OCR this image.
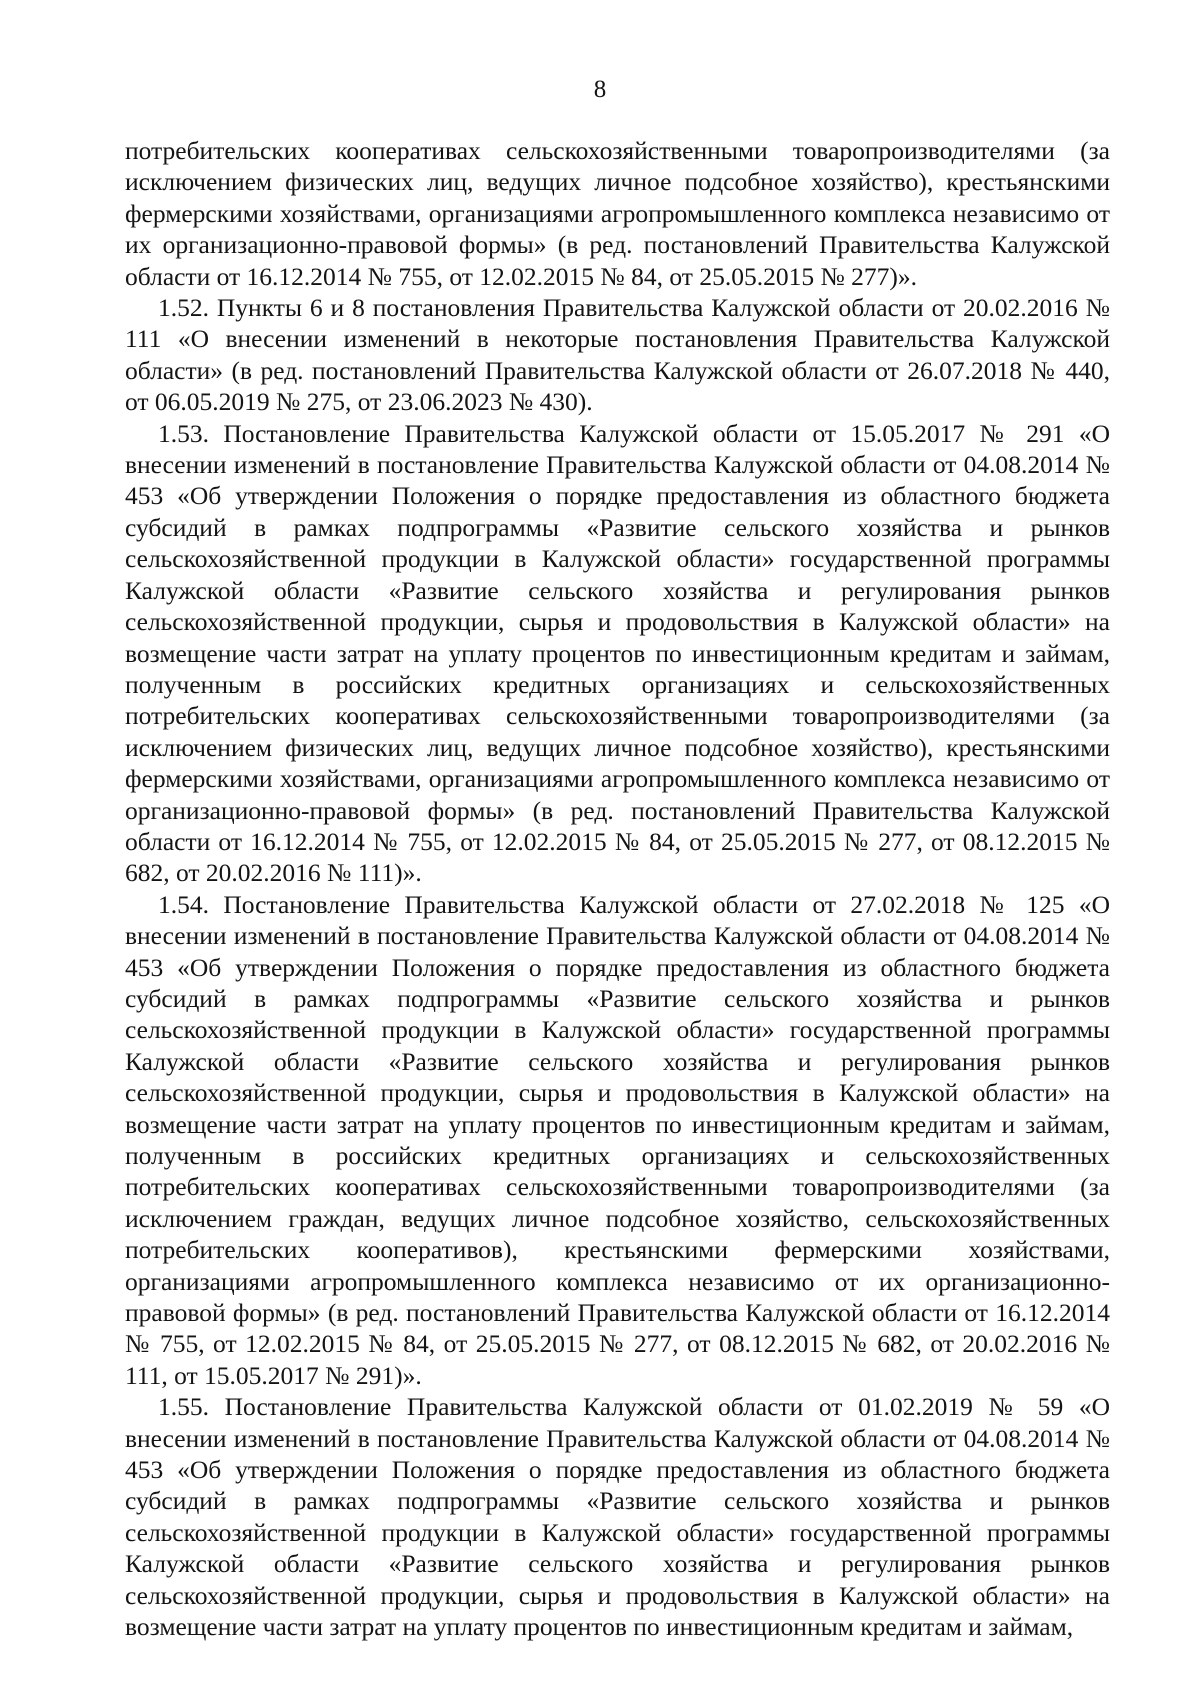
8

потребительских кооперативах сельскохозяйственными товаропроизводителями (за исключением физических лиц, ведущих личное подсобное хозяйство), крестьянскими фермерскими хозяйствами, организациями агропромышленного комплекса независимо от их организационно-правовой формы» (в ред. постановлений Правительства Калужской области от 16.12.2014 № 755, от 12.02.2015 № 84, от 25.05.2015 № 277)».

1.52. Пункты 6 и 8 постановления Правительства Калужской области от 20.02.2016 № 111 «О внесении изменений в некоторые постановления Правительства Калужской области» (в ред. постановлений Правительства Калужской области от 26.07.2018 № 440, от 06.05.2019 № 275, от 23.06.2023 № 430).

1.53. Постановление Правительства Калужской области от 15.05.2017 № 291 «О внесении изменений в постановление Правительства Калужской области от 04.08.2014 № 453 «Об утверждении Положения о порядке предоставления из областного бюджета субсидий в рамках подпрограммы «Развитие сельского хозяйства и рынков сельскохозяйственной продукции в Калужской области» государственной программы Калужской области «Развитие сельского хозяйства и регулирования рынков сельскохозяйственной продукции, сырья и продовольствия в Калужской области» на возмещение части затрат на уплату процентов по инвестиционным кредитам и займам, полученным в российских кредитных организациях и сельскохозяйственных потребительских кооперативах сельскохозяйственными товаропроизводителями (за исключением физических лиц, ведущих личное подсобное хозяйство), крестьянскими фермерскими хозяйствами, организациями агропромышленного комплекса независимо от организационно-правовой формы» (в ред. постановлений Правительства Калужской области от 16.12.2014 № 755, от 12.02.2015 № 84, от 25.05.2015 № 277, от 08.12.2015 № 682, от 20.02.2016 № 111)».

1.54. Постановление Правительства Калужской области от 27.02.2018 № 125 «О внесении изменений в постановление Правительства Калужской области от 04.08.2014 № 453 «Об утверждении Положения о порядке предоставления из областного бюджета субсидий в рамках подпрограммы «Развитие сельского хозяйства и рынков сельскохозяйственной продукции в Калужской области» государственной программы Калужской области «Развитие сельского хозяйства и регулирования рынков сельскохозяйственной продукции, сырья и продовольствия в Калужской области» на возмещение части затрат на уплату процентов по инвестиционным кредитам и займам, полученным в российских кредитных организациях и сельскохозяйственных потребительских кооперативах сельскохозяйственными товаропроизводителями (за исключением граждан, ведущих личное подсобное хозяйство, сельскохозяйственных потребительских кооперативов), крестьянскими фермерскими хозяйствами, организациями агропромышленного комплекса независимо от их организационно-правовой формы» (в ред. постановлений Правительства Калужской области от 16.12.2014 № 755, от 12.02.2015 № 84, от 25.05.2015 № 277, от 08.12.2015 № 682, от 20.02.2016 № 111, от 15.05.2017 № 291)».

1.55. Постановление Правительства Калужской области от 01.02.2019 № 59 «О внесении изменений в постановление Правительства Калужской области от 04.08.2014 № 453 «Об утверждении Положения о порядке предоставления из областного бюджета субсидий в рамках подпрограммы «Развитие сельского хозяйства и рынков сельскохозяйственной продукции в Калужской области» государственной программы Калужской области «Развитие сельского хозяйства и регулирования рынков сельскохозяйственной продукции, сырья и продовольствия в Калужской области» на возмещение части затрат на уплату процентов по инвестиционным кредитам и займам,
